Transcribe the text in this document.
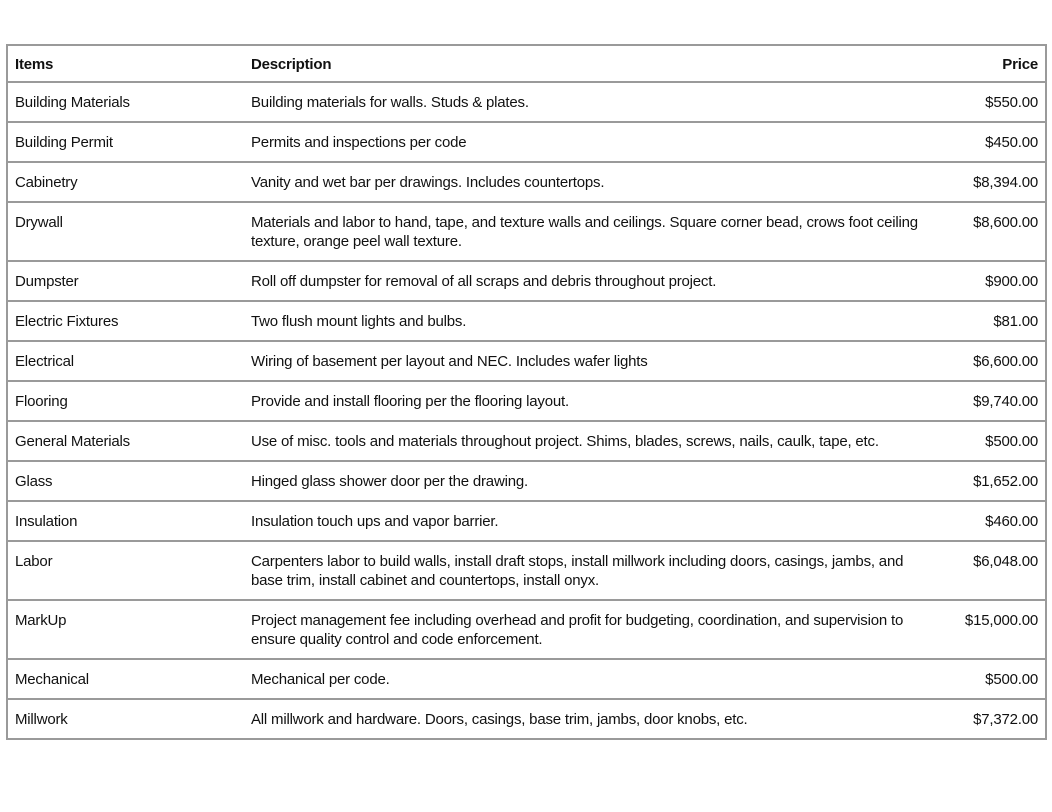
Items	Description	Price
Building Materials	Building materials for walls. Studs & plates.	$550.00
Building Permit	Permits and inspections per code	$450.00
Cabinetry	Vanity and wet bar per drawings. Includes countertops.	$8,394.00
Drywall	Materials and labor to hand, tape, and texture walls and ceilings. Square corner bead, crows foot ceiling texture, orange peel wall texture.	$8,600.00
Dumpster	Roll off dumpster for removal of all scraps and debris throughout project.	$900.00
Electric Fixtures	Two flush mount lights and bulbs.	$81.00
Electrical	Wiring of basement per layout and NEC. Includes wafer lights	$6,600.00
Flooring	Provide and install flooring per the flooring layout.	$9,740.00
General Materials	Use of misc. tools and materials throughout project. Shims, blades, screws, nails, caulk, tape, etc.	$500.00
Glass	Hinged glass shower door per the drawing.	$1,652.00
Insulation	Insulation touch ups and vapor barrier.	$460.00
Labor	Carpenters labor to build walls, install draft stops, install millwork including doors, casings, jambs, and base trim, install cabinet and countertops, install onyx.	$6,048.00
MarkUp	Project management fee including overhead and profit for budgeting, coordination, and supervision to ensure quality control and code enforcement.	$15,000.00
Mechanical	Mechanical per code.	$500.00
Millwork	All millwork and hardware. Doors, casings, base trim, jambs, door knobs, etc.	$7,372.00
